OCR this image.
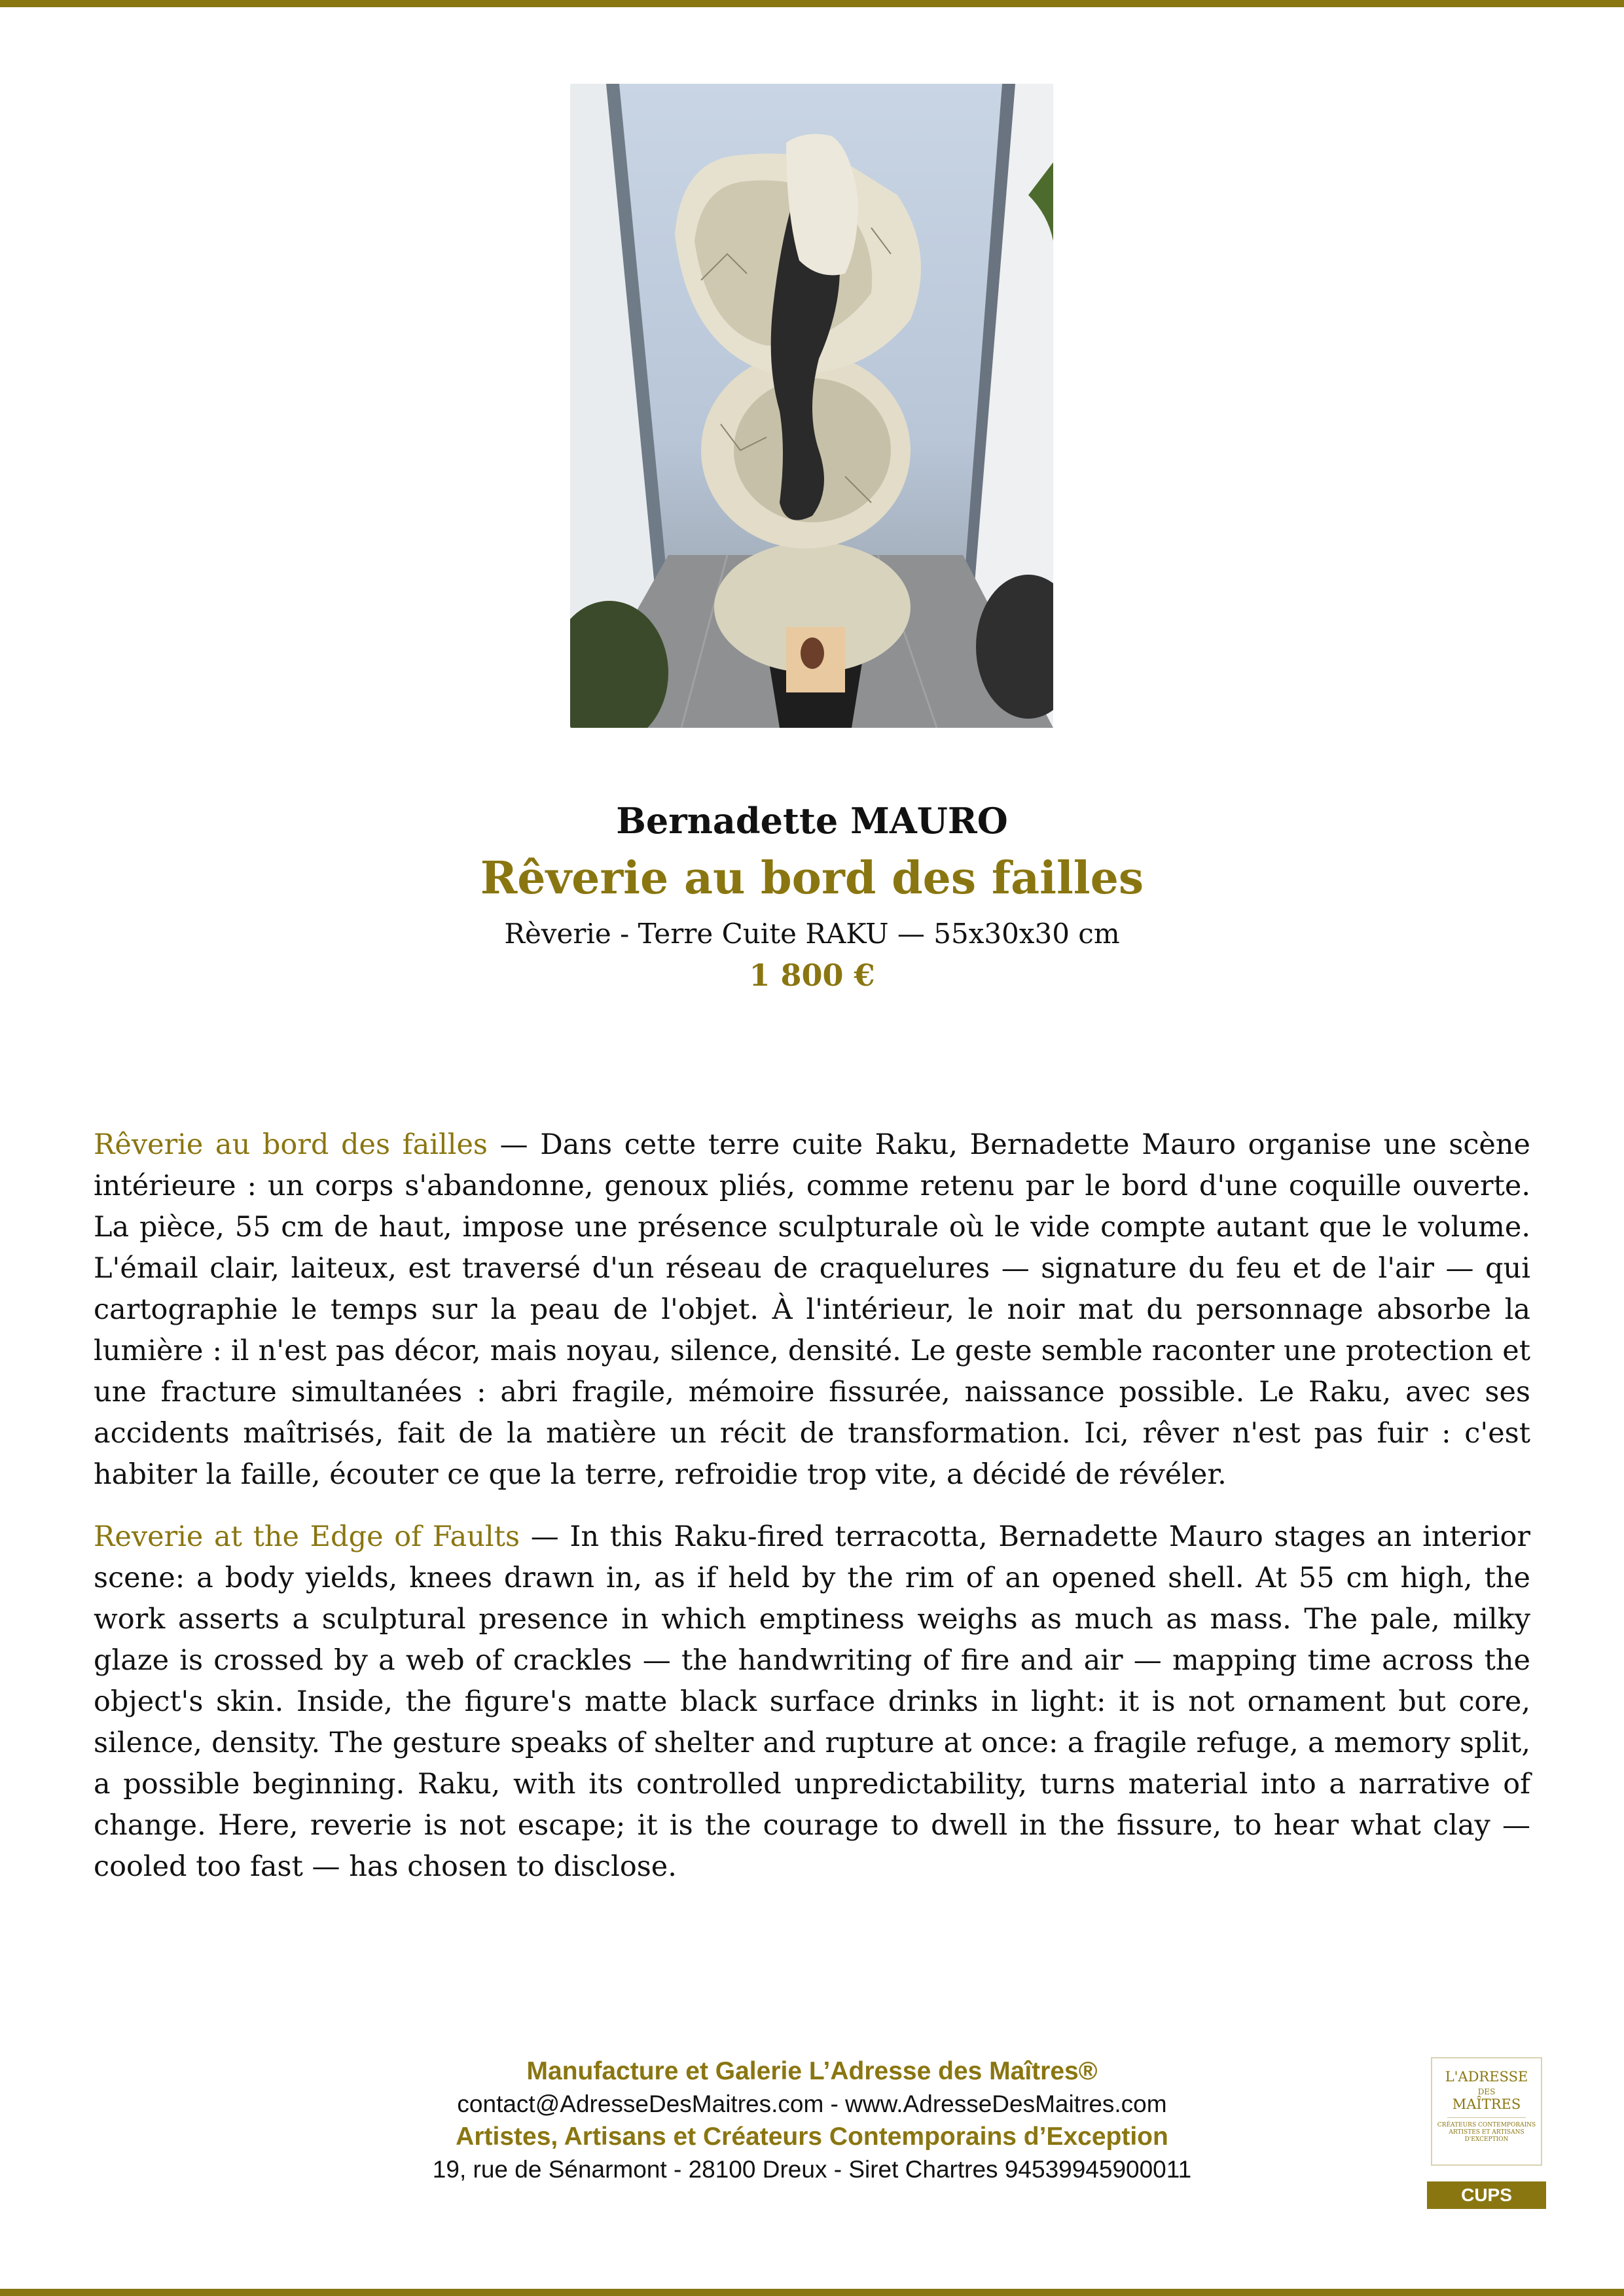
Bernadette MAURO
Rêverie au bord des failles
Rèverie - Terre Cuite RAKU — 55x30x30 cm
1 800 €

Rêverie au bord des failles — Dans cette terre cuite Raku, Bernadette Mauro organise une scène intérieure : un corps s'abandonne, genoux pliés, comme retenu par le bord d'une coquille ouverte. La pièce, 55 cm de haut, impose une présence sculpturale où le vide compte autant que le volume. L'émail clair, laiteux, est traversé d'un réseau de craquelures — signature du feu et de l'air — qui cartographie le temps sur la peau de l'objet. À l'intérieur, le noir mat du personnage absorbe la lumière : il n'est pas décor, mais noyau, silence, densité. Le geste semble raconter une protection et une fracture simultanées : abri fragile, mémoire fissurée, naissance possible. Le Raku, avec ses accidents maîtrisés, fait de la matière un récit de transformation. Ici, rêver n'est pas fuir : c'est habiter la faille, écouter ce que la terre, refroidie trop vite, a décidé de révéler.

Reverie at the Edge of Faults — In this Raku-fired terracotta, Bernadette Mauro stages an interior scene: a body yields, knees drawn in, as if held by the rim of an opened shell. At 55 cm high, the work asserts a sculptural presence in which emptiness weighs as much as mass. The pale, milky glaze is crossed by a web of crackles — the handwriting of fire and air — mapping time across the object's skin. Inside, the figure's matte black surface drinks in light: it is not ornament but core, silence, density. The gesture speaks of shelter and rupture at once: a fragile refuge, a memory split, a possible beginning. Raku, with its controlled unpredictability, turns material into a narrative of change. Here, reverie is not escape; it is the courage to dwell in the fissure, to hear what clay — cooled too fast — has chosen to disclose.

Manufacture et Galerie L’Adresse des Maîtres®
contact@AdresseDesMaitres.com - www.AdresseDesMaitres.com
Artistes, Artisans et Créateurs Contemporains d’Exception
19, rue de Sénarmont - 28100 Dreux - Siret Chartres 94539945900011
L'ADRESSE
DES
MAÎTRES
CRÉATEURS CONTEMPORAINS ARTISTES ET ARTISANS D'EXCEPTION
CUPS
